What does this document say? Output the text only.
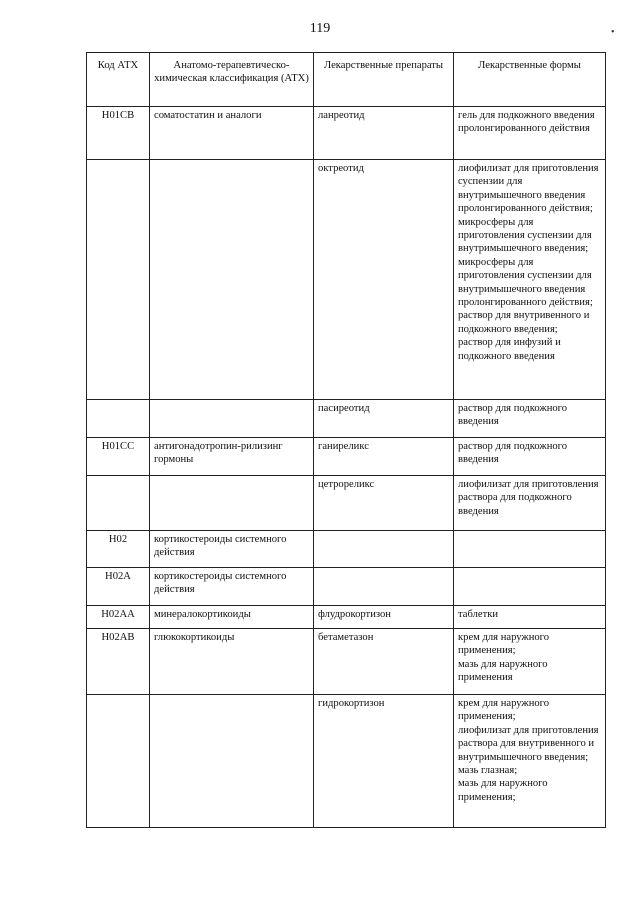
119	•
Код АТХ	Анатомо-терапевтическо-химическая классификация (АТХ)	Лекарственные препараты	Лекарственные формы
H01CB	соматостатин и аналоги	ланреотид	гель для подкожного введения пролонгированного действия
		октреотид	лиофилизат для приготовления суспензии для внутримышечного введения пролонгированного действия;
микросферы для приготовления суспензии для внутримышечного введения;
микросферы для приготовления суспензии для внутримышечного введения пролонгированного действия;
раствор для внутривенного и подкожного введения;
раствор для инфузий и подкожного введения
		пасиреотид	раствор для подкожного введения
H01CC	антигонадотропин-рилизинг гормоны	ганиреликс	раствор для подкожного введения
		цетрореликс	лиофилизат для приготовления раствора для подкожного введения
H02	кортикостероиды системного действия		
H02A	кортикостероиды системного действия		
H02AA	минералокортикоиды	флудрокортизон	таблетки
H02AB	глюкокортикоиды	бетаметазон	крем для наружного применения;
мазь для наружного применения
		гидрокортизон	крем для наружного применения;
лиофилизат для приготовления раствора для внутривенного и внутримышечного введения;
мазь глазная;
мазь для наружного применения;
